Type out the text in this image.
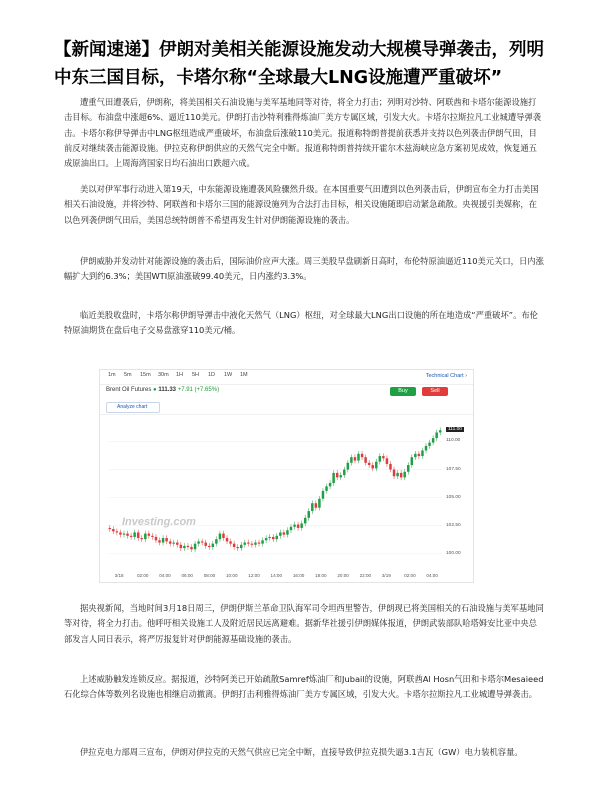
【新闻速递】伊朗对美相关能源设施发动大规模导弹袭击，列明中东三国目标，卡塔尔称“全球最大LNG设施遭严重破坏”

遭重气田遭袭后，伊朗称，将美国相关石油设施与美军基地同等对待，将全力打击；列明对沙特、阿联酋和卡塔尔能源设施打击目标。布油盘中涨超6%、逼近110美元。伊朗打击沙特利雅得炼油厂美方专属区域，引发大火。卡塔尔拉斯拉凡工业城遭导弹袭击。卡塔尔称伊导弹击中LNG枢纽造成严重破坏，布油盘后涨破110美元。报道称特朗普提前获悉并支持以色列袭击伊朗气田，目前反对继续袭击能源设施。伊拉克称伊朗供应的天然气完全中断。报道称特朗普持续开霍尔木兹海峡应急方案初见成效，恢复通五成原油出口。上周海湾国家日均石油出口跌超六成。

美以对伊军事行动进入第19天，中东能源设施遭袭风险骤然升级。在本国重要气田遭到以色列袭击后，伊朗宣布全力打击美国相关石油设施，并将沙特、阿联酋和卡塔尔三国的能源设施列为合法打击目标，相关设施随即启动紧急疏散。央视援引美媒称，在以色列袭伊朗气田后，美国总统特朗普不希望再发生针对伊朗能源设施的袭击。

伊朗威胁并发动针对能源设施的袭击后，国际油价应声大涨。周三美股早盘刷新日高时，布伦特原油逼近110美元关口，日内涨幅扩大到约6.3%；美国WTI原油涨破99.40美元，日内涨约3.3%。

临近美股收盘时，卡塔尔称伊朗导弹击中液化天然气（LNG）枢纽，对全球最大LNG出口设施的所在地造成“严重破坏”。布伦特原油期货在盘后电子交易盘涨穿110美元/桶。

1m 5m 15m 30m 1H 5H 1D 1W 1M	Technical Chart ›
Brent Oil Futures ● 111.33 +7.91 (+7.65%)
Analyze chart
Buy	Sell
Investing.com
110.00
107.50
105.00
102.50
100.00
111.00
3/18	02:00 04:00 06:00 08:00 10:00 12:00 14:00 16:00 18:00 20:00 22:00 3/19	02:00 04:00

据央视新闻，当地时间3月18日周三，伊朗伊斯兰革命卫队海军司令坦西里警告，伊朗现已将美国相关的石油设施与美军基地同等对待，将全力打击。他呼吁相关设施工人及附近居民远离避难。据新华社援引伊朗媒体报道，伊朗武装部队哈塔姆安比亚中央总部发言人同日表示，将严厉报复针对伊朗能源基础设施的袭击。

上述威胁触发连锁反应。据报道，沙特阿美已开始疏散Samref炼油厂和Jubail的设施，阿联酋Al Hosn气田和卡塔尔Mesaieed石化综合体等数列名设施也相继启动撤离。伊朗打击利雅得炼油厂美方专属区域，引发大火。卡塔尔拉斯拉凡工业城遭导弹袭击。

伊拉克电力部周三宣布，伊朗对伊拉克的天然气供应已完全中断，直接导致伊拉克损失逼3.1吉瓦（GW）电力装机容量。
